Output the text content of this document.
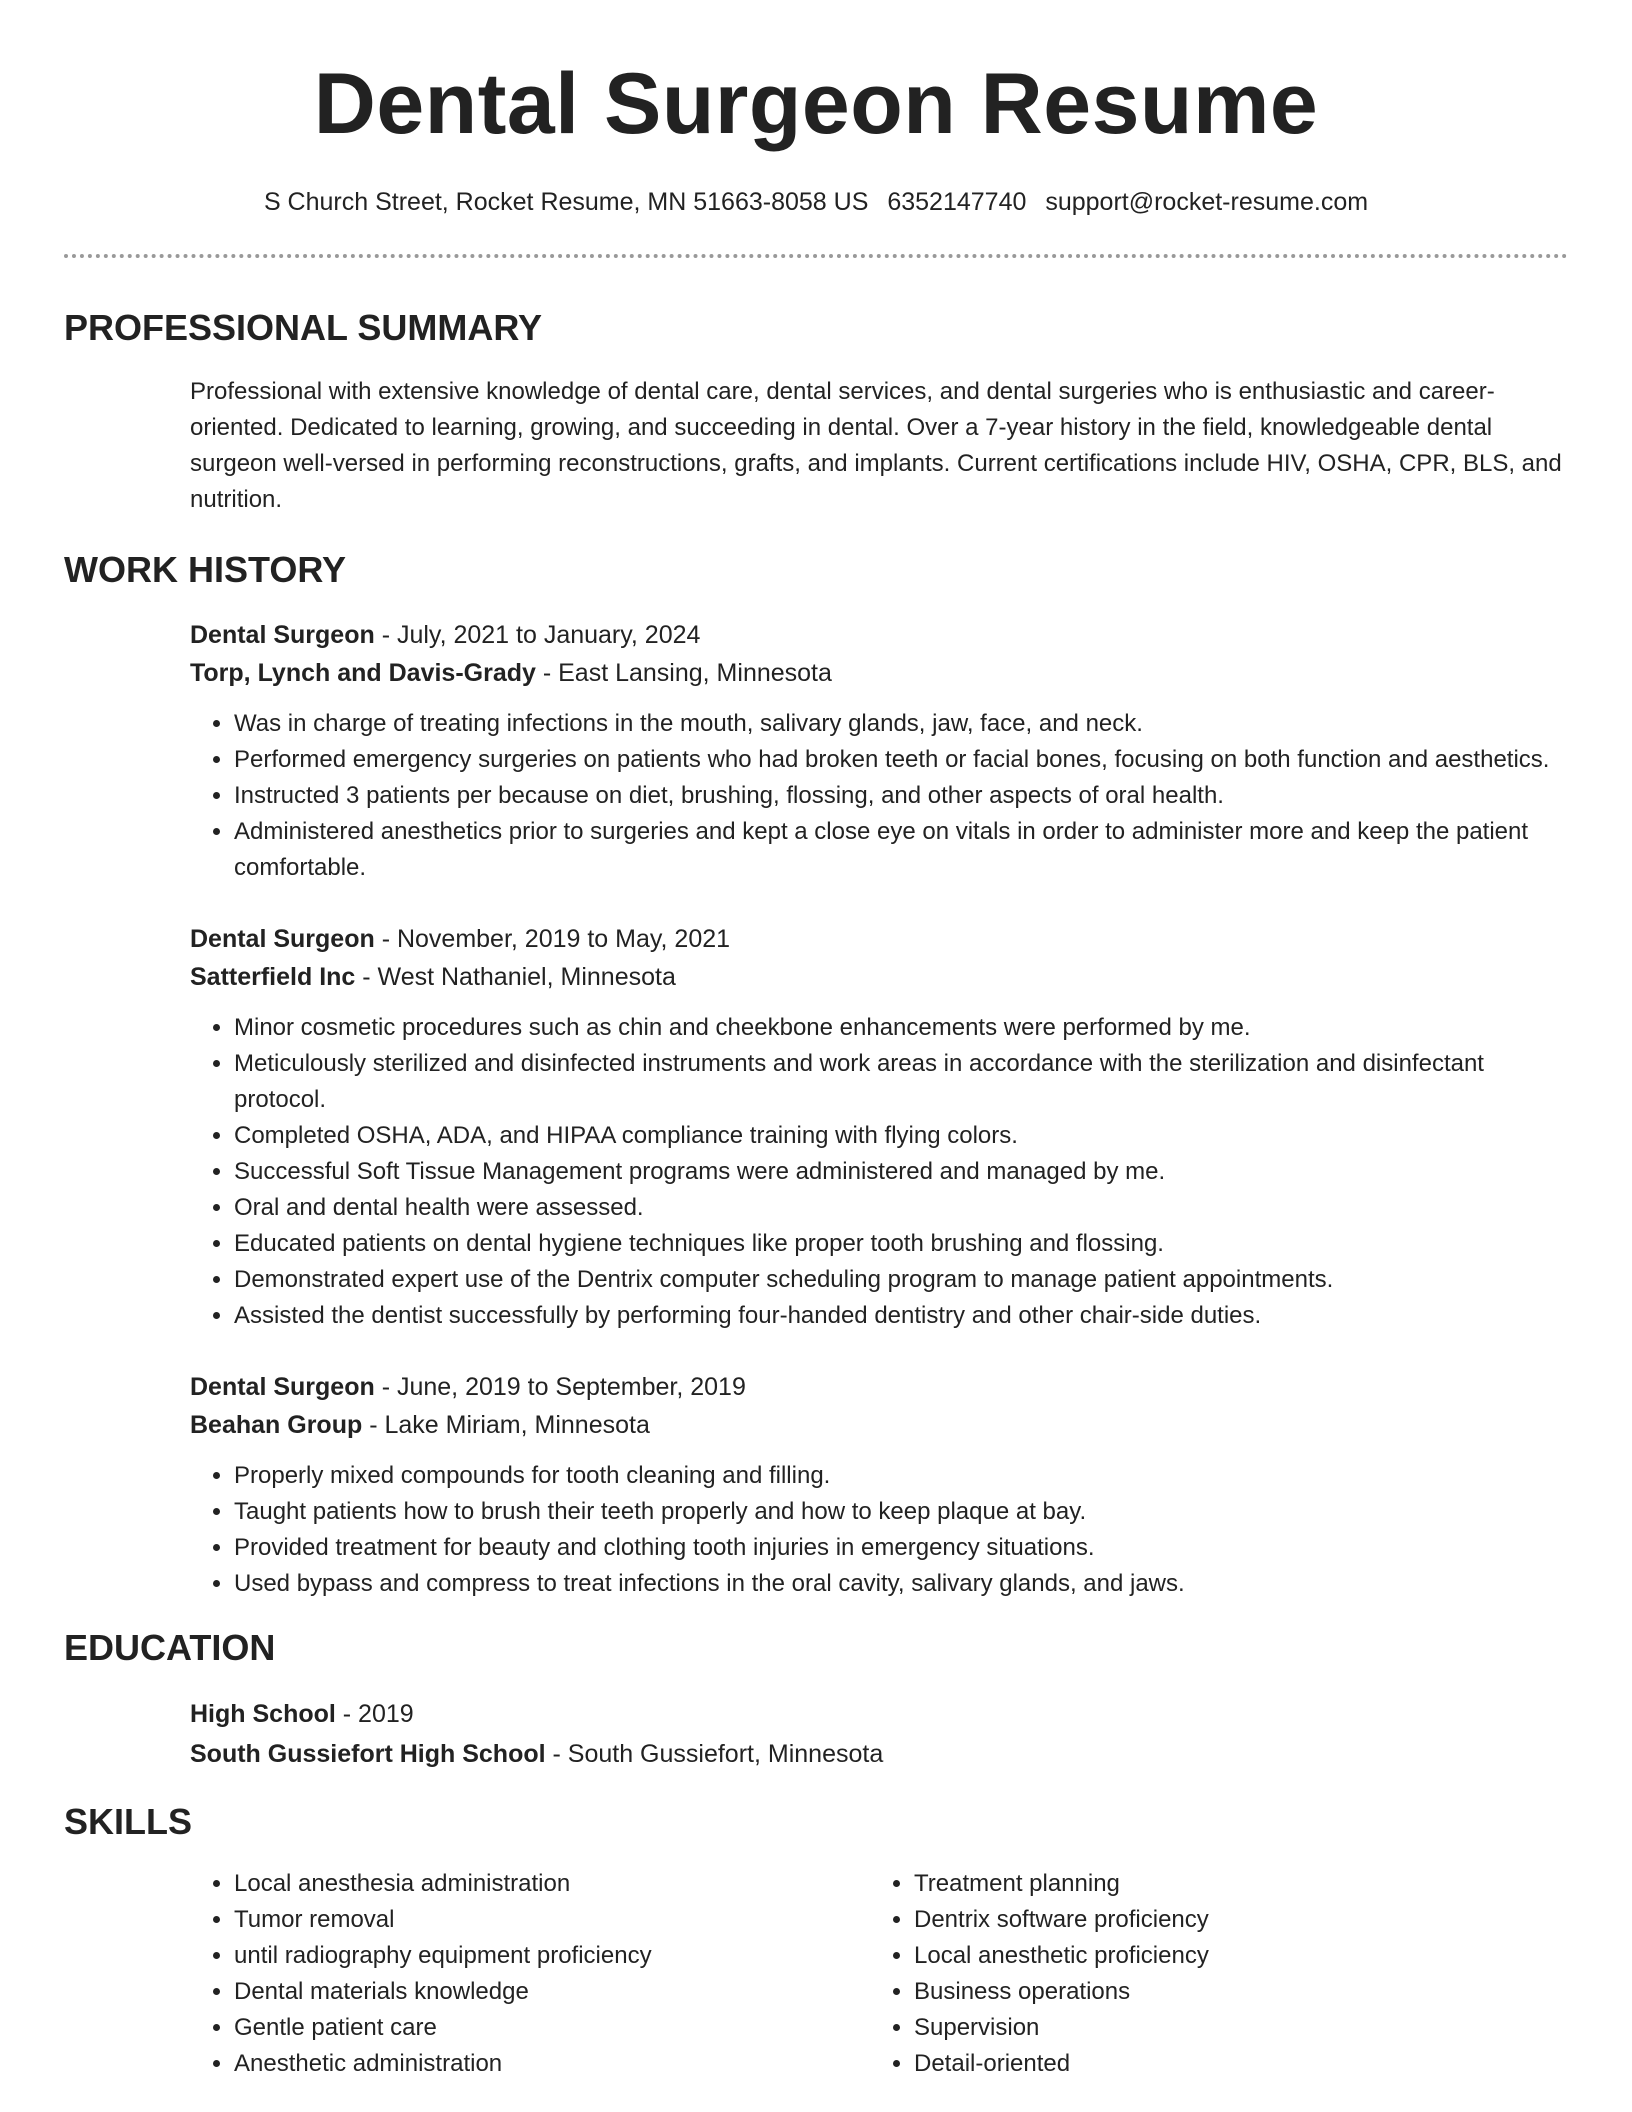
Dental Surgeon Resume
S Church Street, Rocket Resume, MN 51663-8058 US 6352147740 support@rocket-resume.com
PROFESSIONAL SUMMARY

Professional with extensive knowledge of dental care, dental services, and dental surgeries who is enthusiastic and career-oriented. Dedicated to learning, growing, and succeeding in dental. Over a 7-year history in the field, knowledgeable dental surgeon well-versed in performing reconstructions, grafts, and implants. Current certifications include HIV, OSHA, CPR, BLS, and nutrition.

WORK HISTORY
Dental Surgeon - July, 2021 to January, 2024
Torp, Lynch and Davis-Grady - East Lansing, Minnesota
• Was in charge of treating infections in the mouth, salivary glands, jaw, face, and neck.
• Performed emergency surgeries on patients who had broken teeth or facial bones, focusing on both function and aesthetics.
• Instructed 3 patients per because on diet, brushing, flossing, and other aspects of oral health.
• Administered anesthetics prior to surgeries and kept a close eye on vitals in order to administer more and keep the patient comfortable.
Dental Surgeon - November, 2019 to May, 2021
Satterfield Inc - West Nathaniel, Minnesota
• Minor cosmetic procedures such as chin and cheekbone enhancements were performed by me.
• Meticulously sterilized and disinfected instruments and work areas in accordance with the sterilization and disinfectant protocol.
• Completed OSHA, ADA, and HIPAA compliance training with flying colors.
• Successful Soft Tissue Management programs were administered and managed by me.
• Oral and dental health were assessed.
• Educated patients on dental hygiene techniques like proper tooth brushing and flossing.
• Demonstrated expert use of the Dentrix computer scheduling program to manage patient appointments.
• Assisted the dentist successfully by performing four-handed dentistry and other chair-side duties.
Dental Surgeon - June, 2019 to September, 2019
Beahan Group - Lake Miriam, Minnesota
• Properly mixed compounds for tooth cleaning and filling.
• Taught patients how to brush their teeth properly and how to keep plaque at bay.
• Provided treatment for beauty and clothing tooth injuries in emergency situations.
• Used bypass and compress to treat infections in the oral cavity, salivary glands, and jaws.
EDUCATION
High School - 2019
South Gussiefort High School - South Gussiefort, Minnesota
SKILLS
• Local anesthesia administration
• Tumor removal
• until radiography equipment proficiency
• Dental materials knowledge
• Gentle patient care
• Anesthetic administration
• Treatment planning
• Dentrix software proficiency
• Local anesthetic proficiency
• Business operations
• Supervision
• Detail-oriented
